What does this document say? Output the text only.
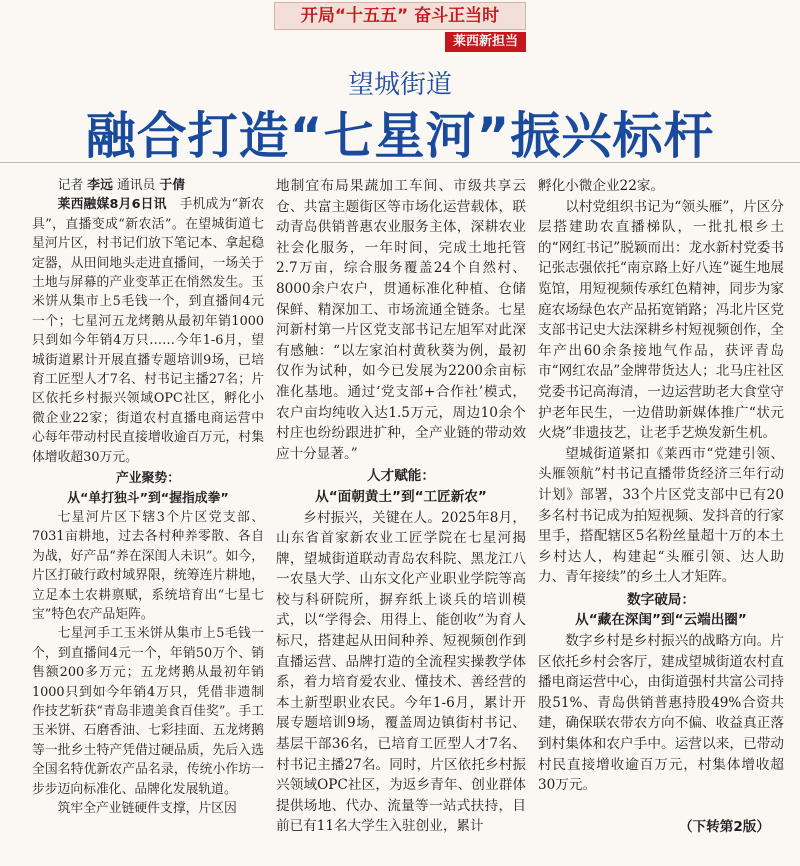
开局“十五五” 奋斗正当时
莱西新担当
望城街道
融合打造“七星河”振兴标杆

记者 李远 通讯员 于倩

莱西融媒8月6日讯  手机成为“新农具”，直播变成“新农活”。在望城街道七星河片区，村书记们放下笔记本、拿起稳定器，从田间地头走进直播间，一场关于土地与屏幕的产业变革正在悄然发生。玉米饼从集市上5毛钱一个，到直播间4元一个；七星河五龙烤鹅从最初年销1000只到如今年销4万只……今年1-6月，望城街道累计开展直播专题培训9场，已培育工匠型人才7名、村书记主播27名；片区依托乡村振兴领域OPC社区，孵化小微企业22家；街道农村直播电商运营中心每年带动村民直接增收逾百万元，村集体增收超30万元。

产业聚势：
从“单打独斗”到“握指成拳”

七星河片区下辖3个片区党支部、7031亩耕地，过去各村种养零散、各自为战，好产品“养在深闺人未识”。如今，片区打破行政村域界限，统筹连片耕地，立足本土农耕禀赋，系统培育出“七星七宝”特色农产品矩阵。

七星河手工玉米饼从集市上5毛钱一个，到直播间4元一个，年销50万个、销售额200多万元；五龙烤鹅从最初年销1000只到如今年销4万只，凭借非遗制作技艺斩获“青岛非遗美食百佳奖”。手工玉米饼、石磨香油、七彩挂面、五龙烤鹅等一批乡土特产凭借过硬品质，先后入选全国名特优新农产品名录，传统小作坊一步步迈向标准化、品牌化发展轨道。

筑牢全产业链硬件支撑，片区因

地制宜布局果蔬加工车间、市级共享云仓、共富主题街区等市场化运营载体，联动青岛供销普惠农业服务主体，深耕农业社会化服务，一年时间，完成土地托管2.7万亩，综合服务覆盖24个自然村、8000余户农户，贯通标准化种植、仓储保鲜、精深加工、市场流通全链条。七星河新村第一片区党支部书记左旭军对此深有感触：“以左家泊村黄秋葵为例，最初仅作为试种，如今已发展为2200余亩标准化基地。通过‘党支部+合作社’模式，农户亩均纯收入达1.5万元，周边10余个村庄也纷纷跟进扩种，全产业链的带动效应十分显著。”

人才赋能：
从“面朝黄土”到“工匠新农”

乡村振兴，关键在人。2025年8月，山东省首家新农业工匠学院在七星河揭牌，望城街道联动青岛农科院、黑龙江八一农垦大学、山东文化产业职业学院等高校与科研院所，摒弃纸上谈兵的培训模式，以“学得会、用得上、能创收”为育人标尺，搭建起从田间种养、短视频创作到直播运营、品牌打造的全流程实操教学体系，着力培育爱农业、懂技术、善经营的本土新型职业农民。今年1-6月，累计开展专题培训9场，覆盖周边镇街村书记、基层干部36名，已培育工匠型人才7名、村书记主播27名。同时，片区依托乡村振兴领域OPC社区，为返乡青年、创业群体提供场地、代办、流量等一站式扶持，目前已有11名大学生入驻创业，累计

孵化小微企业22家。

以村党组织书记为“领头雁”，片区分层搭建助农直播梯队，一批扎根乡土的“网红书记”脱颖而出：龙水新村党委书记张志强依托“南京路上好八连”诞生地展览馆，用短视频传承红色精神，同步为家庭农场绿色农产品拓宽销路；冯北片区党支部书记史大法深耕乡村短视频创作，全年产出60余条接地气作品，获评青岛市“网红农品”金牌带货达人；北马庄社区党委书记高海清，一边运营助老大食堂守护老年民生，一边借助新媒体推广“状元火烧”非遗技艺，让老手艺焕发新生机。

望城街道紧扣《莱西市“党建引领、头雁领航”村书记直播带货经济三年行动计划》部署，33个片区党支部中已有20多名村书记成为拍短视频、发抖音的行家里手，搭配辖区5名粉丝量超十万的本土乡村达人，构建起“头雁引领、达人助力、青年接续”的乡土人才矩阵。

数字破局：
从“藏在深闺”到“云端出圈”

数字乡村是乡村振兴的战略方向。片区依托乡村会客厅，建成望城街道农村直播电商运营中心，由街道强村共富公司持股51%、青岛供销普惠持股49%合资共建，确保联农带农方向不偏、收益真正落到村集体和农户手中。运营以来，已带动村民直接增收逾百万元，村集体增收超30万元。

（下转第2版）
